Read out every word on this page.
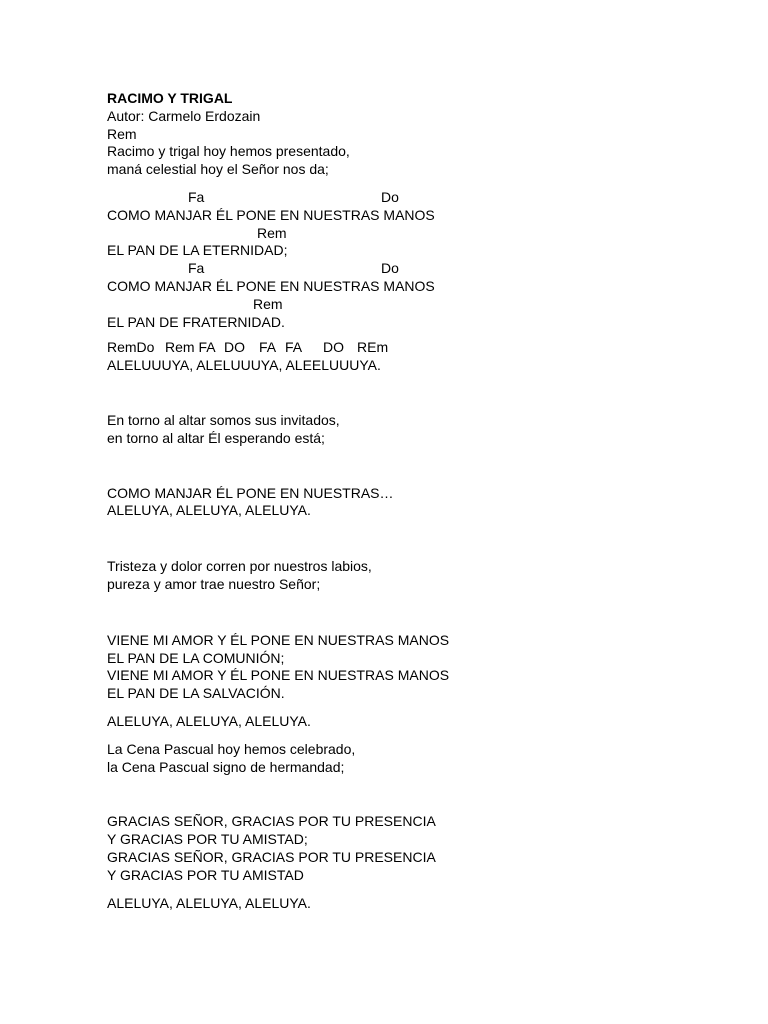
RACIMO Y TRIGAL
Autor: Carmelo Erdozain
Rem
Racimo y trigal hoy hemos presentado,
maná celestial hoy el Señor nos da;

Fa

	Do

COMO MANJAR ÉL PONE EN NUESTRAS MANOS

Rem

EL PAN DE LA ETERNIDAD;

Fa

	Do

COMO MANJAR ÉL PONE EN NUESTRAS MANOS

Rem

EL PAN DE FRATERNIDAD.

RemDo

Rem FA

DO

FA

FA

DO

REm

ALELUUUYA, ALELUUUYA, ALEELUUUYA.
En torno al altar somos sus invitados,
en torno al altar Él esperando está;
COMO MANJAR ÉL PONE EN NUESTRAS…
ALELUYA, ALELUYA, ALELUYA.
Tristeza y dolor corren por nuestros labios,
pureza y amor trae nuestro Señor;
VIENE MI AMOR Y ÉL PONE EN NUESTRAS MANOS
EL PAN DE LA COMUNIÓN;
VIENE MI AMOR Y ÉL PONE EN NUESTRAS MANOS
EL PAN DE LA SALVACIÓN.
ALELUYA, ALELUYA, ALELUYA.
La Cena Pascual hoy hemos celebrado,
la Cena Pascual signo de hermandad;
GRACIAS SEÑOR, GRACIAS POR TU PRESENCIA
Y GRACIAS POR TU AMISTAD;
GRACIAS SEÑOR, GRACIAS POR TU PRESENCIA
Y GRACIAS POR TU AMISTAD
ALELUYA, ALELUYA, ALELUYA.
